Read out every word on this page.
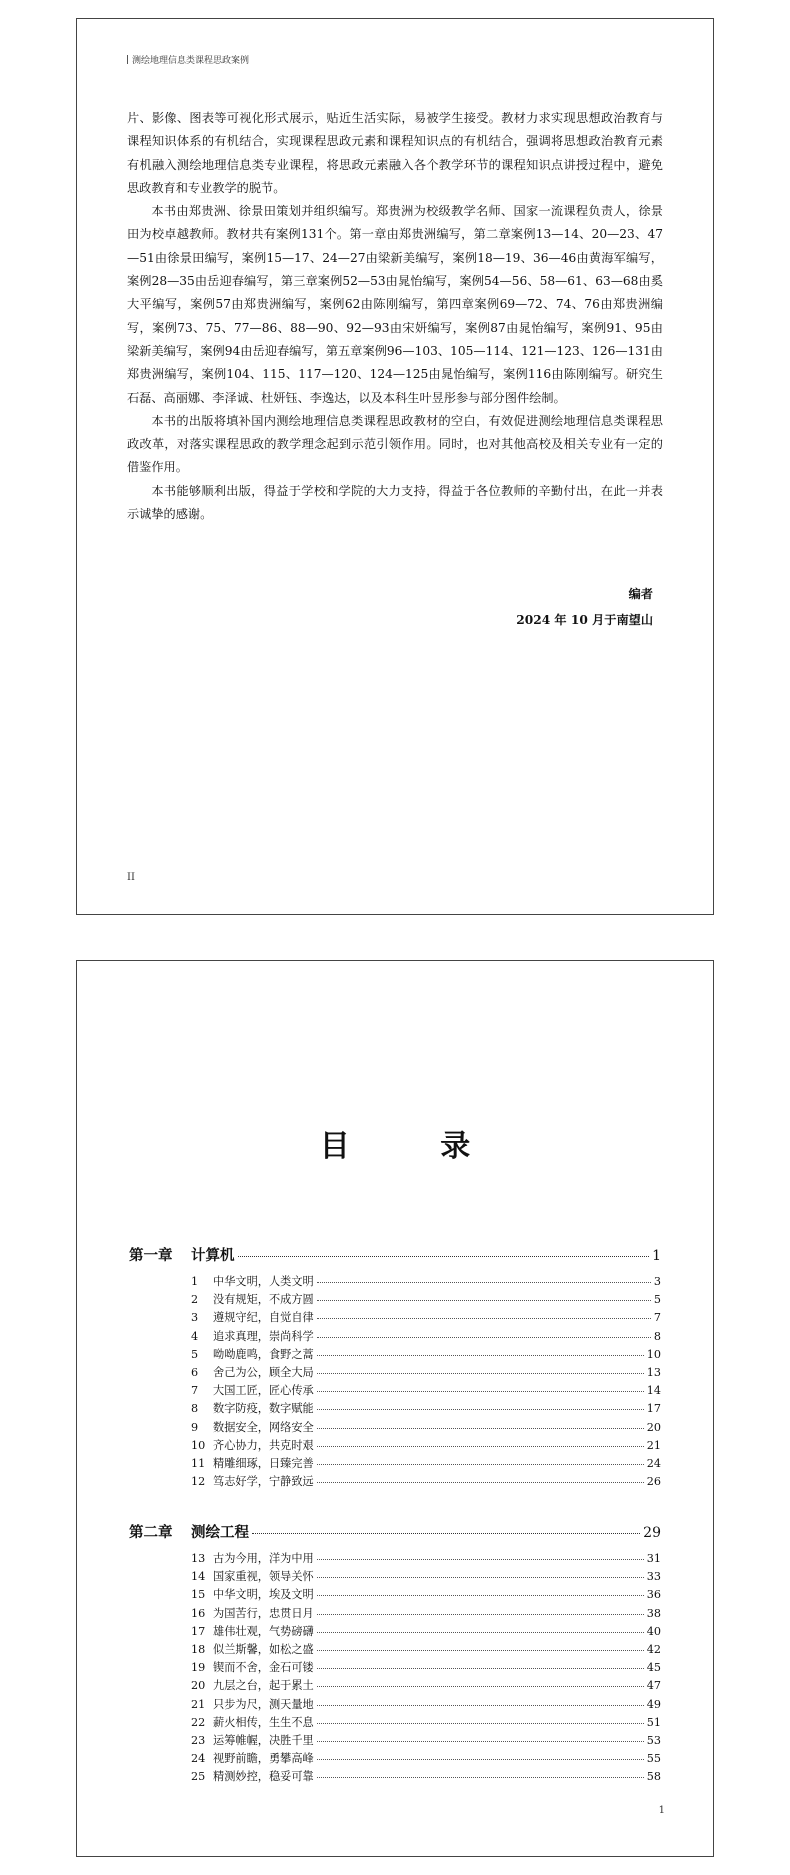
测绘地理信息类课程思政案例

片、影像、图表等可视化形式展示，贴近生活实际，易被学生接受。教材力求实现思想政治教育与课程知识体系的有机结合，实现课程思政元素和课程知识点的有机结合，强调将思想政治教育元素有机融入测绘地理信息类专业课程，将思政元素融入各个教学环节的课程知识点讲授过程中，避免思政教育和专业教学的脱节。

本书由郑贵洲、徐景田策划并组织编写。郑贵洲为校级教学名师、国家一流课程负责人，徐景田为校卓越教师。教材共有案例131个。第一章由郑贵洲编写，第二章案例13—14、20—23、47—51由徐景田编写，案例15—17、24—27由梁新美编写，案例18—19、36—46由黄海军编写，案例28—35由岳迎春编写，第三章案例52—53由晁怡编写，案例54—56、58—61、63—68由奚大平编写，案例57由郑贵洲编写，案例62由陈刚编写，第四章案例69—72、74、76由郑贵洲编写，案例73、75、77—86、88—90、92—93由宋妍编写，案例87由晁怡编写，案例91、95由梁新美编写，案例94由岳迎春编写，第五章案例96—103、105—114、121—123、126—131由郑贵洲编写，案例104、115、117—120、124—125由晁怡编写，案例116由陈刚编写。研究生石磊、高丽娜、李泽诚、杜妍钰、李逸达，以及本科生叶昱彤参与部分图件绘制。

本书的出版将填补国内测绘地理信息类课程思政教材的空白，有效促进测绘地理信息类课程思政改革，对落实课程思政的教学理念起到示范引领作用。同时，也对其他高校及相关专业有一定的借鉴作用。

本书能够顺利出版，得益于学校和学院的大力支持，得益于各位教师的辛勤付出，在此一并表示诚挚的感谢。

编者
2024 年 10 月于南望山
II
目 录
第一章	计算机	1
1	中华文明，人类文明	3
2	没有规矩，不成方圆	5
3	遵规守纪，自觉自律	7
4	追求真理，崇尚科学	8
5	呦呦鹿鸣，食野之蒿	10
6	舍己为公，顾全大局	13
7	大国工匠，匠心传承	14
8	数字防疫，数字赋能	17
9	数据安全，网络安全	20
10 齐心协力，共克时艰	21
11 精雕细琢，日臻完善	24
12 笃志好学，宁静致远	26
第二章	测绘工程	29
13 古为今用，洋为中用	31
14 国家重视，领导关怀	33
15 中华文明，埃及文明	36
16 为国苦行，忠贯日月	38
17 雄伟壮观，气势磅礴	40
18 似兰斯馨，如松之盛	42
19 锲而不舍，金石可镂	45
20 九层之台，起于累土	47
21 只步为尺，测天量地	49
22 薪火相传，生生不息	51
23 运筹帷幄，决胜千里	53
24 视野前瞻，勇攀高峰	55
25 精测妙控，稳妥可靠	58
1
